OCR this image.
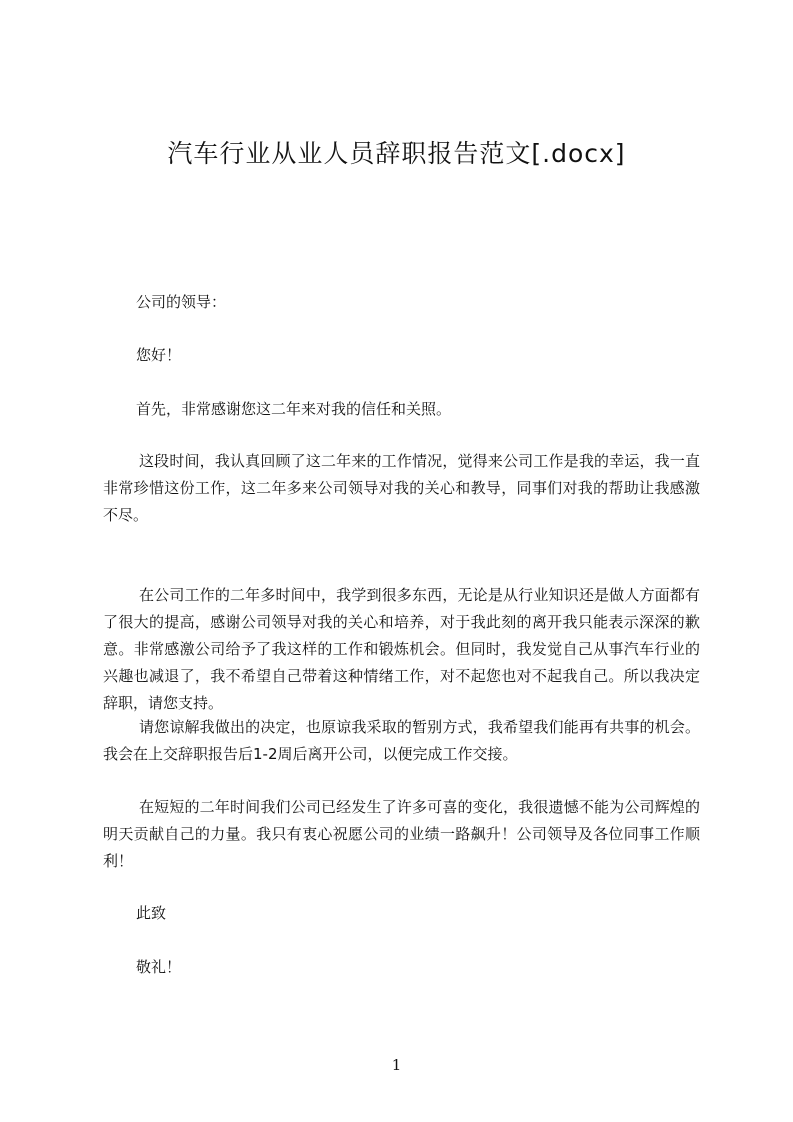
汽车行业从业人员辞职报告范文[.docx]
公司的领导：
您好！
首先，非常感谢您这二年来对我的信任和关照。
这段时间，我认真回顾了这二年来的工作情况，觉得来公司工作是我的幸运，我一直非常珍惜这份工作，这二年多来公司领导对我的关心和教导，同事们对我的帮助让我感激不尽。
在公司工作的二年多时间中，我学到很多东西，无论是从行业知识还是做人方面都有了很大的提高，感谢公司领导对我的关心和培养，对于我此刻的离开我只能表示深深的歉意。非常感激公司给予了我这样的工作和锻炼机会。但同时，我发觉自己从事汽车行业的兴趣也减退了，我不希望自己带着这种情绪工作，对不起您也对不起我自己。所以我决定辞职，请您支持。
请您谅解我做出的决定，也原谅我采取的暂别方式，我希望我们能再有共事的机会。我会在上交辞职报告后1-2周后离开公司，以便完成工作交接。
在短短的二年时间我们公司已经发生了许多可喜的变化，我很遗憾不能为公司辉煌的明天贡献自己的力量。我只有衷心祝愿公司的业绩一路飙升！公司领导及各位同事工作顺利！
此致
敬礼！
1
